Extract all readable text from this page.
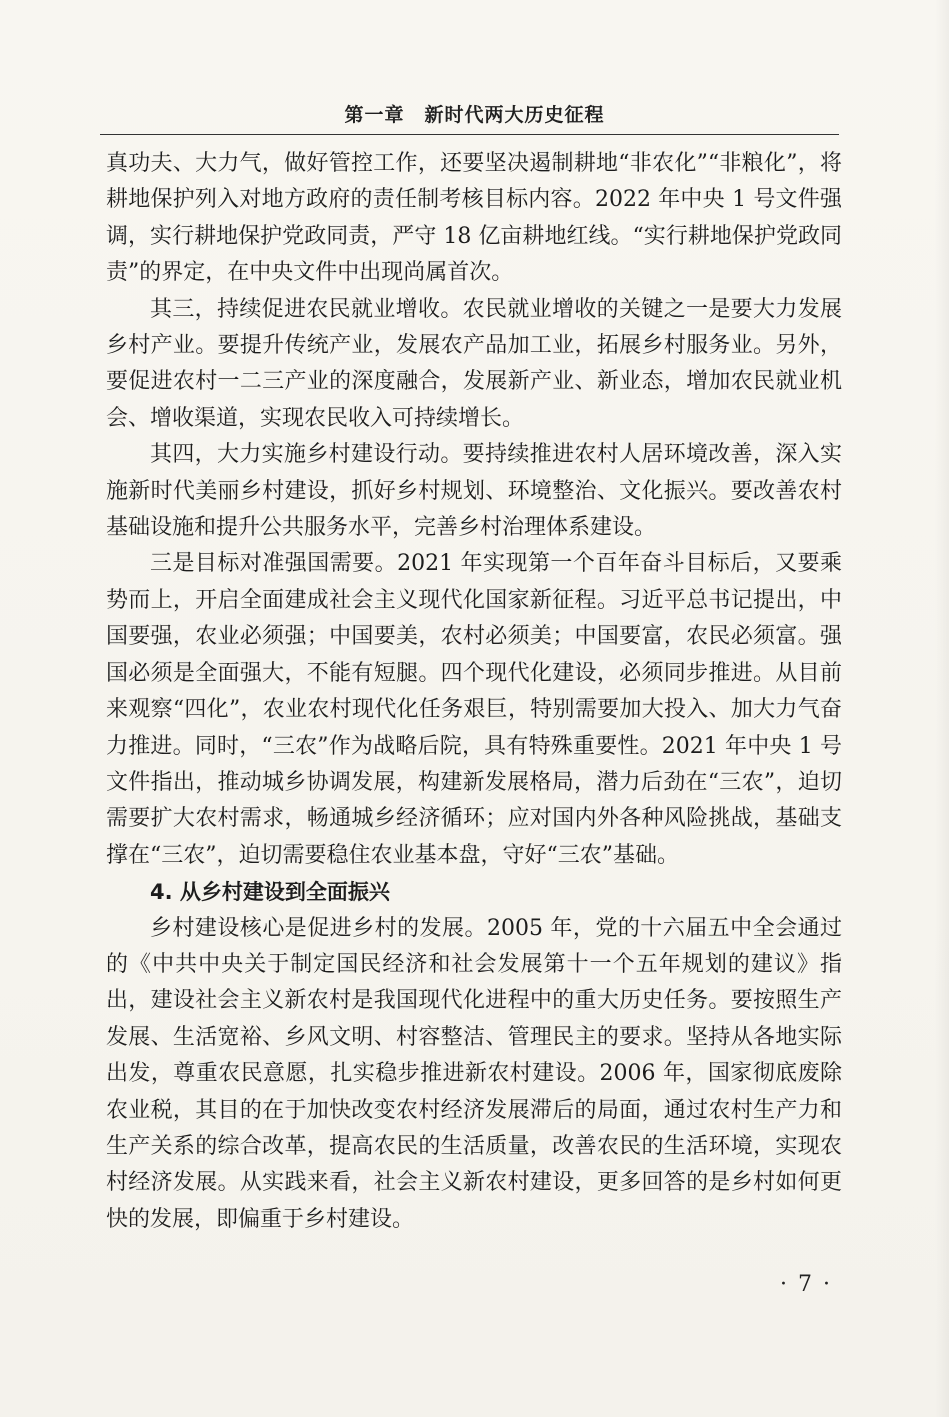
第一章　新时代两大历史征程

真功夫、大力气，做好管控工作，还要坚决遏制耕地“非农化”“非粮化”，将耕地保护列入对地方政府的责任制考核目标内容。2022 年中央 1 号文件强调，实行耕地保护党政同责，严守 18 亿亩耕地红线。“实行耕地保护党政同责”的界定，在中央文件中出现尚属首次。

其三，持续促进农民就业增收。农民就业增收的关键之一是要大力发展乡村产业。要提升传统产业，发展农产品加工业，拓展乡村服务业。另外，要促进农村一二三产业的深度融合，发展新产业、新业态，增加农民就业机会、增收渠道，实现农民收入可持续增长。

其四，大力实施乡村建设行动。要持续推进农村人居环境改善，深入实施新时代美丽乡村建设，抓好乡村规划、环境整治、文化振兴。要改善农村基础设施和提升公共服务水平，完善乡村治理体系建设。

三是目标对准强国需要。2021 年实现第一个百年奋斗目标后，又要乘势而上，开启全面建成社会主义现代化国家新征程。习近平总书记提出，中国要强，农业必须强；中国要美，农村必须美；中国要富，农民必须富。强国必须是全面强大，不能有短腿。四个现代化建设，必须同步推进。从目前来观察“四化”，农业农村现代化任务艰巨，特别需要加大投入、加大力气奋力推进。同时，“三农”作为战略后院，具有特殊重要性。2021 年中央 1 号文件指出，推动城乡协调发展，构建新发展格局，潜力后劲在“三农”，迫切需要扩大农村需求，畅通城乡经济循环；应对国内外各种风险挑战，基础支撑在“三农”，迫切需要稳住农业基本盘，守好“三农”基础。

4. 从乡村建设到全面振兴

乡村建设核心是促进乡村的发展。2005 年，党的十六届五中全会通过的《中共中央关于制定国民经济和社会发展第十一个五年规划的建议》指出，建设社会主义新农村是我国现代化进程中的重大历史任务。要按照生产发展、生活宽裕、乡风文明、村容整洁、管理民主的要求。坚持从各地实际出发，尊重农民意愿，扎实稳步推进新农村建设。2006 年，国家彻底废除农业税，其目的在于加快改变农村经济发展滞后的局面，通过农村生产力和生产关系的综合改革，提高农民的生活质量，改善农民的生活环境，实现农村经济发展。从实践来看，社会主义新农村建设，更多回答的是乡村如何更快的发展，即偏重于乡村建设。

· 7 ·
